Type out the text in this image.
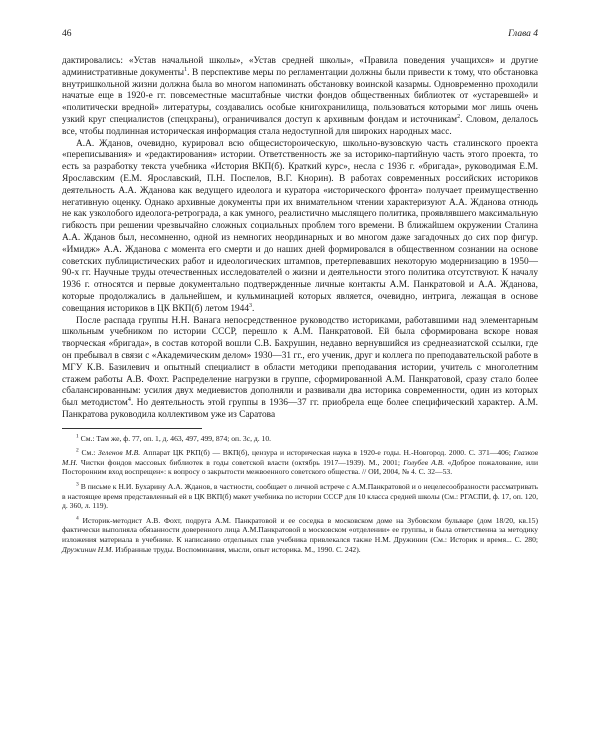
46	Глава 4

дактировались: «Устав начальной школы», «Устав средней школы», «Правила поведения учащихся» и другие административные документы$^1$. В перспективе меры по регламентации должны были привести к тому, что обстановка внутришкольной жизни должна была во многом напоминать обстановку воинской казармы. Одновременно проходили начатые еще в 1920-е гг. повсеместные масштабные чистки фондов общественных библиотек от «устаревшей» и «политически вредной» литературы, создавались особые книгохранилища, пользоваться которыми мог лишь очень узкий круг специалистов (спецхраны), ограничивался доступ к архивным фондам и источникам$^2$. Словом, делалось все, чтобы подлинная историческая информация стала недоступной для широких народных масс.

А.А. Жданов, очевидно, курировал всю общесистороическую, школьно-вузовскую часть сталинского проекта «переписывания» и «редактирования» истории. Ответственность же за историко-партийную часть этого проекта, то есть за разработку текста учебника «История ВКП(б). Краткий курс», несла с 1936 г. «бригада», руководимая Е.М. Ярославским (Е.М. Ярославский, П.Н. Поспелов, В.Г. Кнорин). В работах современных российских историков деятельность А.А. Жданова как ведущего идеолога и куратора «исторического фронта» получает преимущественно негативную оценку. Однако архивные документы при их внимательном чтении характеризуют А.А. Жданова отнюдь не как узколобого идеолога-ретрограда, а как умного, реалистично мыслящего политика, проявлявшего максимальную гибкость при решении чрезвычайно сложных социальных проблем того времени. В ближайшем окружении Сталина А.А. Жданов был, несомненно, одной из немногих неординарных и во многом даже загадочных до сих пор фигур. «Имидж» А.А. Жданова с момента его смерти и до наших дней формировался в общественном сознании на основе советских публицистических работ и идеологических штампов, претерпевавших некоторую модернизацию в 1950—90-х гг. Научные труды отечественных исследователей о жизни и деятельности этого политика отсутствуют. К началу 1936 г. относятся и первые документально подтвержденные личные контакты А.М. Панкратовой и А.А. Жданова, которые продолжались в дальнейшем, и кульминацией которых является, очевидно, интрига, лежащая в основе совещания историков в ЦК ВКП(б) летом 1944$^3$.

После распада группы Н.Н. Ванага непосредственное руководство историками, работавшими над элементарным школьным учебником по истории СССР, перешло к А.М. Панкратовой. Ей была сформирована вскоре новая творческая «бригада», в состав которой вошли С.В. Бахрушин, недавно вернувшийся из среднеазиатской ссылки, где он пребывал в связи с «Академическим делом» 1930—31 гг., его ученик, друг и коллега по преподавательской работе в МГУ К.В. Базилевич и опытный специалист в области методики преподавания истории, учитель с многолетним стажем работы А.В. Фохт. Распределение нагрузки в группе, сформированной А.М. Панкратовой, сразу стало более сбалансированным: усилия двух медиевистов дополняли и развивали два историка современности, один из которых был методистом$^4$. Но деятельность этой группы в 1936—37 гг. приобрела еще более специфический характер. А.М. Панкратова руководила коллективом уже из Саратова

$^1$ См.: Там же, ф. 77, оп. 1, д. 463, 497, 499, 874; оп. 3с, д. 10.

$^2$ См.: Зеленов М.В. Аппарат ЦК РКП(б) — ВКП(б), цензура и историческая наука в 1920-е годы. Н.-Новгород. 2000. С. 371—406; Глазков М.Н. Чистки фондов массовых библиотек в годы советской власти (октябрь 1917—1939). М., 2001; Голубев А.В. «Доброе пожалование, или Посторонним вход воспрещен»: к вопросу о закрытости межвоенного советского общества. // ОИ, 2004, № 4. С. 32—53.

$^3$ В письме к Н.И. Бухарину А.А. Жданов, в частности, сообщает о личной встрече с А.М.Панкратовой и о нецелесообразности рассматривать в настоящее время представленный ей в ЦК ВКП(б) макет учебника по истории СССР для 10 класса средней школы (См.: РГАСПИ, ф. 17, оп. 120, д. 360, л. 119).

$^4$ Историк-методист А.В. Фохт, подруга А.М. Панкратовой и ее соседка в московском доме на Зубовском бульваре (дом 18/20, кв.15) фактически выполняла обязанности доверенного лица А.М.Панкратовой в московском «отделении» ее группы, и была ответственна за методику изложения материала в учебнике. К написанию отдельных глав учебника привлекался также Н.М. Дружинин (См.: Историк и время... С. 280; Дружинин Н.М. Избранные труды. Воспоминания, мысли, опыт историка. М., 1990. С. 242).
